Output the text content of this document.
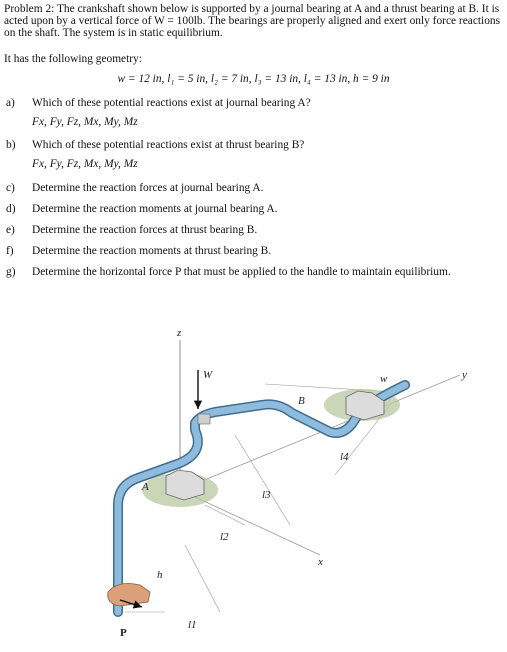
Problem 2: The crankshaft shown below is supported by a journal bearing at A and a thrust bearing at B. It is acted upon by a vertical force of W = 100lb. The bearings are properly aligned and exert only force reactions on the shaft. The system is in static equilibrium.
It has the following geometry:
w = 12 in, l₁ = 5 in, l₂ = 7 in, l₃ = 13 in, l₄ = 13 in, h = 9 in
a) Which of these potential reactions exist at journal bearing A?
Fx, Fy, Fz, Mx, My, Mz
b) Which of these potential reactions exist at thrust bearing B?
Fx, Fy, Fz, Mx, My, Mz
c) Determine the reaction forces at journal bearing A.
d) Determine the reaction moments at journal bearing A.
e) Determine the reaction forces at thrust bearing B.
f) Determine the reaction moments at thrust bearing B.
g) Determine the horizontal force P that must be applied to the handle to maintain equilibrium.
z
y
x
W	w
A
B
l1
l2
l3
l4
h
P
